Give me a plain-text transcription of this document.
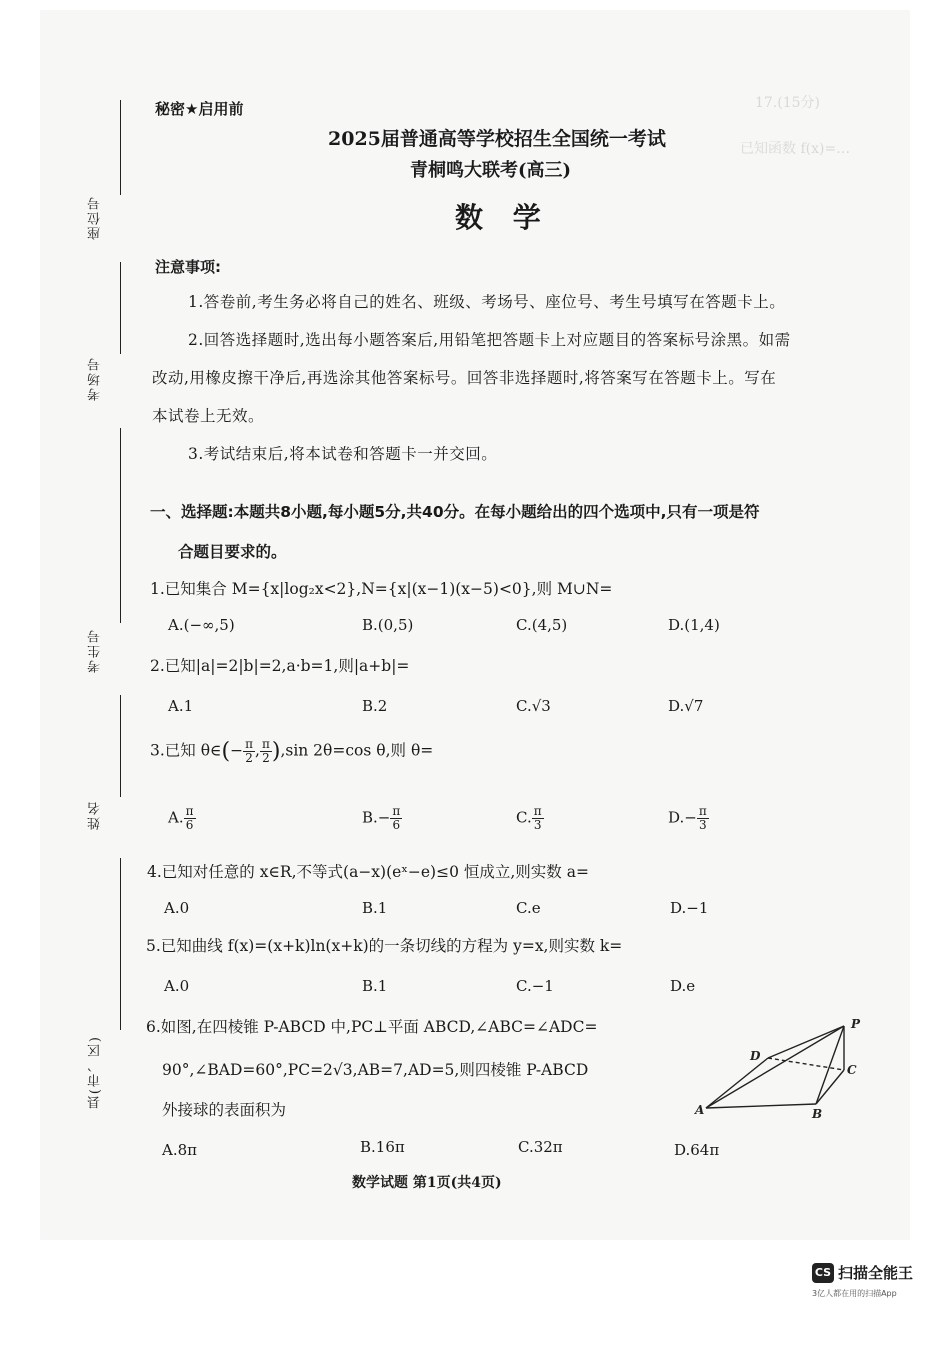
17.(15分)
已知函数 f(x)=…
座位号
考场号
考生号
姓名
县(市、区)
秘密★启用前
2025届普通高等学校招生全国统一考试
青桐鸣大联考(高三)
数 学
注意事项:
1.答卷前,考生务必将自己的姓名、班级、考场号、座位号、考生号填写在答题卡上。
2.回答选择题时,选出每小题答案后,用铅笔把答题卡上对应题目的答案标号涂黑。如需
改动,用橡皮擦干净后,再选涂其他答案标号。回答非选择题时,将答案写在答题卡上。写在
本试卷上无效。
3.考试结束后,将本试卷和答题卡一并交回。
一、选择题:本题共8小题,每小题5分,共40分。在每小题给出的四个选项中,只有一项是符
合题目要求的。
1.已知集合 M={x|log₂x<2},N={x|(x−1)(x−5)<0},则 M∪N=
A.(−∞,5)	B.(0,5)	C.(4,5)	D.(1,4)
2.已知|a|=2|b|=2,a·b=1,则|a+b|=
A.1	B.2	C.√3	D.√7
3.已知 θ∈(− $\frac{\pi}{2}$ , $\frac{\pi}{2} ),\sin$ 2θ=cos θ,则 θ=
A. $\frac{\pi}{6}$	$B.- \frac{\pi}{6}$	C. $\frac{\pi}{3}$	$D.- \frac{\pi}{3}$
4.已知对任意的 x∈R,不等式(a−x)(eˣ−e)≤0 恒成立,则实数 a=
A.0	B.1	C.e	D.−1
5.已知曲线 f(x)=(x+k)ln(x+k)的一条切线的方程为 y=x,则实数 k=
A.0	B.1	C.−1	D.e
6.如图,在四棱锥 P-ABCD 中,PC⊥平面 ABCD,∠ABC=∠ADC=
90°,∠BAD=60°,PC=2√3,AB=7,AD=5,则四棱锥 P-ABCD
外接球的表面积为
A.8π	B.16π	C.32π	D.64π
P
D
C
A	B
数学试题 第1页(共4页)
CS 扫描全能王
3亿人都在用的扫描App
